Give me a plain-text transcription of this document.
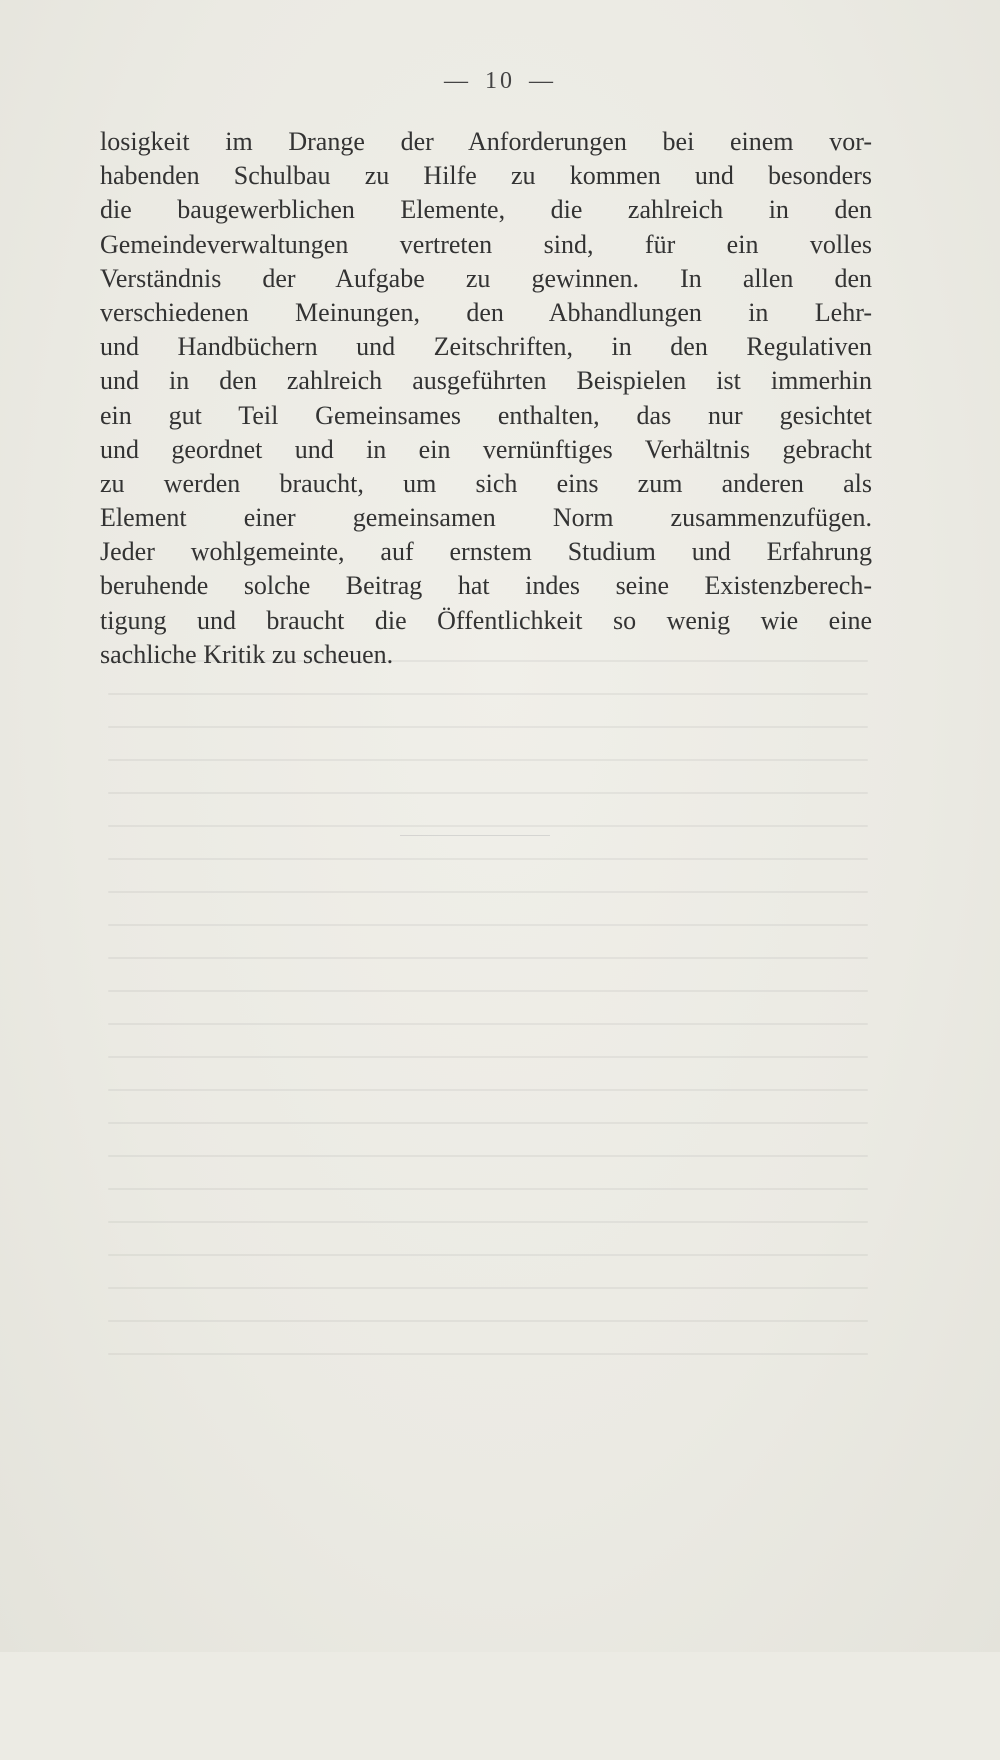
— 10 —
losigkeit im Drange der Anforderungen bei einem vor-
habenden Schulbau zu Hilfe zu kommen und besonders
die baugewerblichen Elemente, die zahlreich in den
Gemeindeverwaltungen vertreten sind, für ein volles
Verständnis der Aufgabe zu gewinnen. In allen den
verschiedenen Meinungen, den Abhandlungen in Lehr-
und Handbüchern und Zeitschriften, in den Regulativen
und in den zahlreich ausgeführten Beispielen ist immerhin
ein gut Teil Gemeinsames enthalten, das nur gesichtet
und geordnet und in ein vernünftiges Verhältnis gebracht
zu werden braucht, um sich eins zum anderen als
Element einer gemeinsamen Norm zusammenzufügen.
Jeder wohlgemeinte, auf ernstem Studium und Erfahrung
beruhende solche Beitrag hat indes seine Existenzberech-
tigung und braucht die Öffentlichkeit so wenig wie eine
sachliche Kritik zu scheuen.
